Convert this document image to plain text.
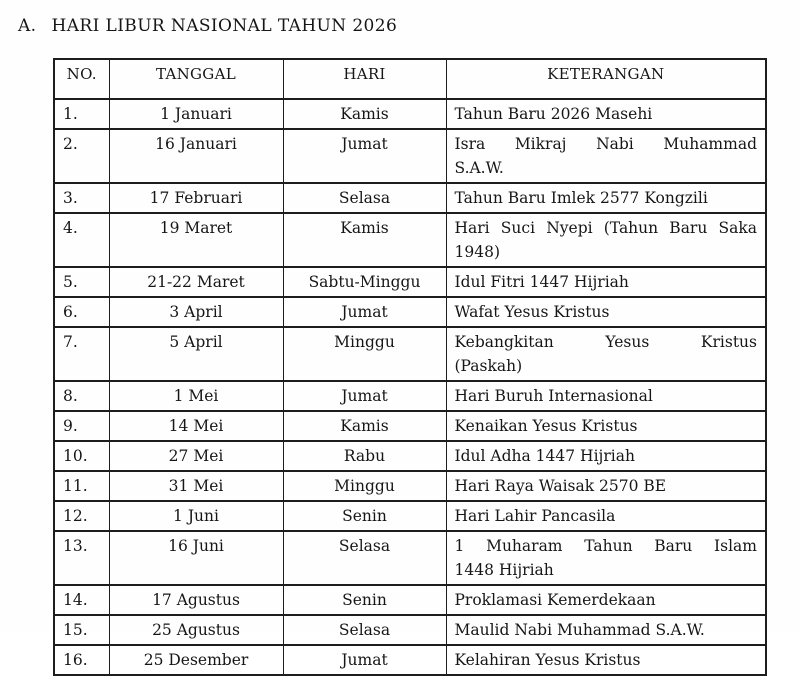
A. HARI LIBUR NASIONAL TAHUN 2026
NO.	TANGGAL	HARI	KETERANGAN
1.	1 Januari	Kamis	Tahun Baru 2026 Masehi
2.	16 Januari	Jumat	Isra Mikraj Nabi Muhammad
S.A.W.

3.	17 Februari	Selasa	Tahun Baru Imlek 2577 Kongzili
4.	19 Maret	Kamis	Hari Suci Nyepi (Tahun Baru Saka
1948)

5.	21-22 Maret	Sabtu-Minggu	Idul Fitri 1447 Hijriah
6.	3 April	Jumat	Wafat Yesus Kristus
7.	5 April	Minggu	Kebangkitan Yesus Kristus
(Paskah)

8.	1 Mei	Jumat	Hari Buruh Internasional
9.	14 Mei	Kamis	Kenaikan Yesus Kristus
10.	27 Mei	Rabu	Idul Adha 1447 Hijriah
11.	31 Mei	Minggu	Hari Raya Waisak 2570 BE
12.	1 Juni	Senin	Hari Lahir Pancasila
13.	16 Juni	Selasa	1 Muharam Tahun Baru Islam
1448 Hijriah

14.	17 Agustus	Senin	Proklamasi Kemerdekaan
15.	25 Agustus	Selasa	Maulid Nabi Muhammad S.A.W.
16.	25 Desember	Jumat	Kelahiran Yesus Kristus
